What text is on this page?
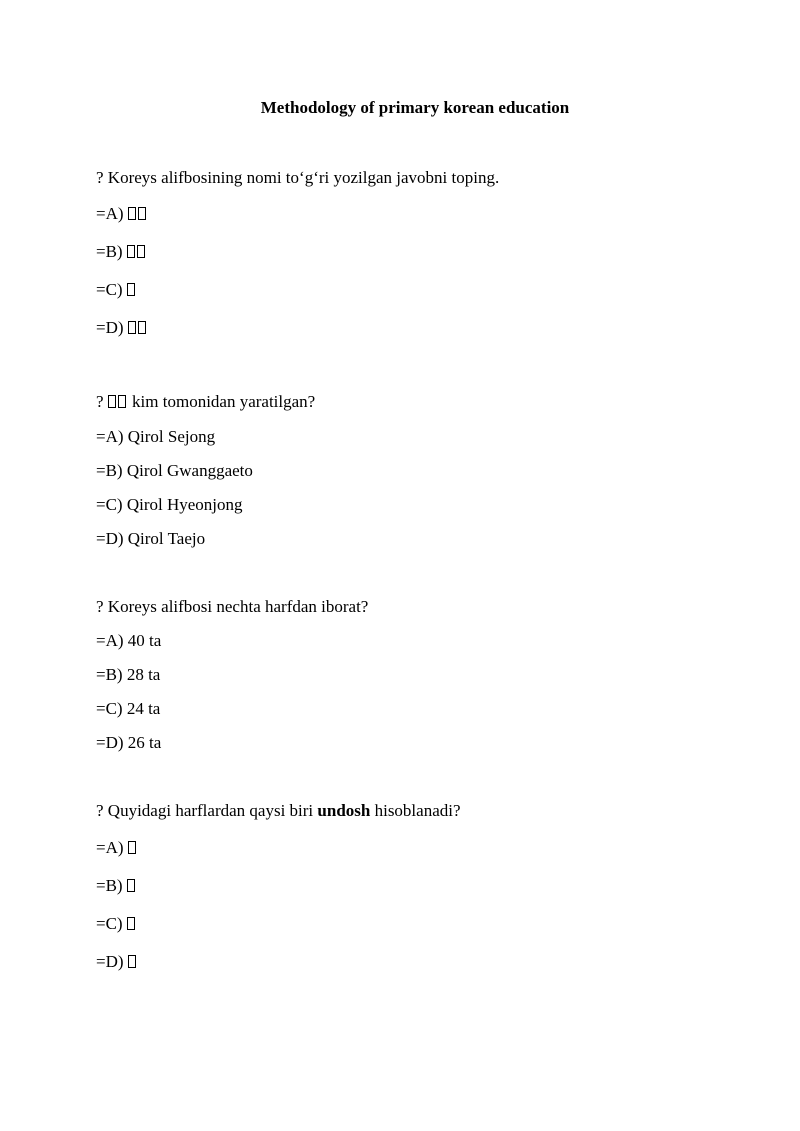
Methodology of primary korean education
? Koreys alifbosining nomi to‘g‘ri yozilgan javobni toping.
=A)
=B)
=C)
=D)
? kim tomonidan yaratilgan?
=A) Qirol Sejong
=B) Qirol Gwanggaeto
=C) Qirol Hyeonjong
=D) Qirol Taejo
? Koreys alifbosi nechta harfdan iborat?
=A) 40 ta
=B) 28 ta
=C) 24 ta
=D) 26 ta
? Quyidagi harflardan qaysi biri undosh hisoblanadi?
=A)
=B)
=C)
=D)
